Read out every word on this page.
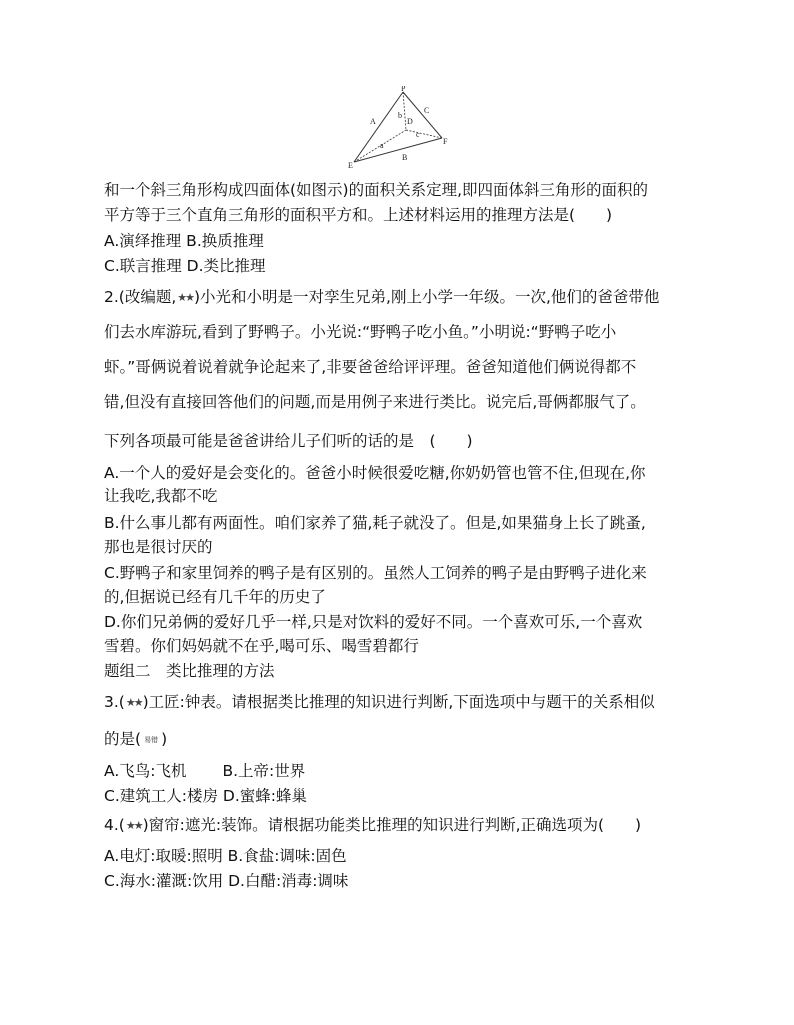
P
A
C
b
D
F
c
a
E
B
和一个斜三角形构成四面体(如图示)的面积关系定理,即四面体斜三角形的面积的
平方等于三个直角三角形的面积平方和。上述材料运用的推理方法是(　　)
A.演绎推理 B.换质推理
C.联言推理 D.类比推理
2.(改编题,★★)小光和小明是一对孪生兄弟,刚上小学一年级。一次,他们的爸爸带他
们去水库游玩,看到了野鸭子。小光说:“野鸭子吃小鱼。”小明说:“野鸭子吃小
虾。”哥俩说着说着就争论起来了,非要爸爸给评评理。爸爸知道他们俩说得都不
错,但没有直接回答他们的问题,而是用例子来进行类比。说完后,哥俩都服气了。
下列各项最可能是爸爸讲给儿子们听的话的是　(　　)
A.一个人的爱好是会变化的。爸爸小时候很爱吃糖,你奶奶管也管不住,但现在,你
让我吃,我都不吃
B.什么事儿都有两面性。咱们家养了猫,耗子就没了。但是,如果猫身上长了跳蚤,
那也是很讨厌的
C.野鸭子和家里饲养的鸭子是有区别的。虽然人工饲养的鸭子是由野鸭子进化来
的,但据说已经有几千年的历史了
D.你们兄弟俩的爱好几乎一样,只是对饮料的爱好不同。一个喜欢可乐,一个喜欢
雪碧。你们妈妈就不在乎,喝可乐、喝雪碧都行
题组二　类比推理的方法
3.(★★)工匠:钟表。请根据类比推理的知识进行判断,下面选项中与题干的关系相似
的是( 易错 )
A.飞鸟:飞机 B.上帝:世界
C.建筑工人:楼房 D.蜜蜂:蜂巢
4.(★★)窗帘:遮光:装饰。请根据功能类比推理的知识进行判断,正确选项为(　　)
A.电灯:取暖:照明 B.食盐:调味:固色
C.海水:灌溉:饮用 D.白醋:消毒:调味
